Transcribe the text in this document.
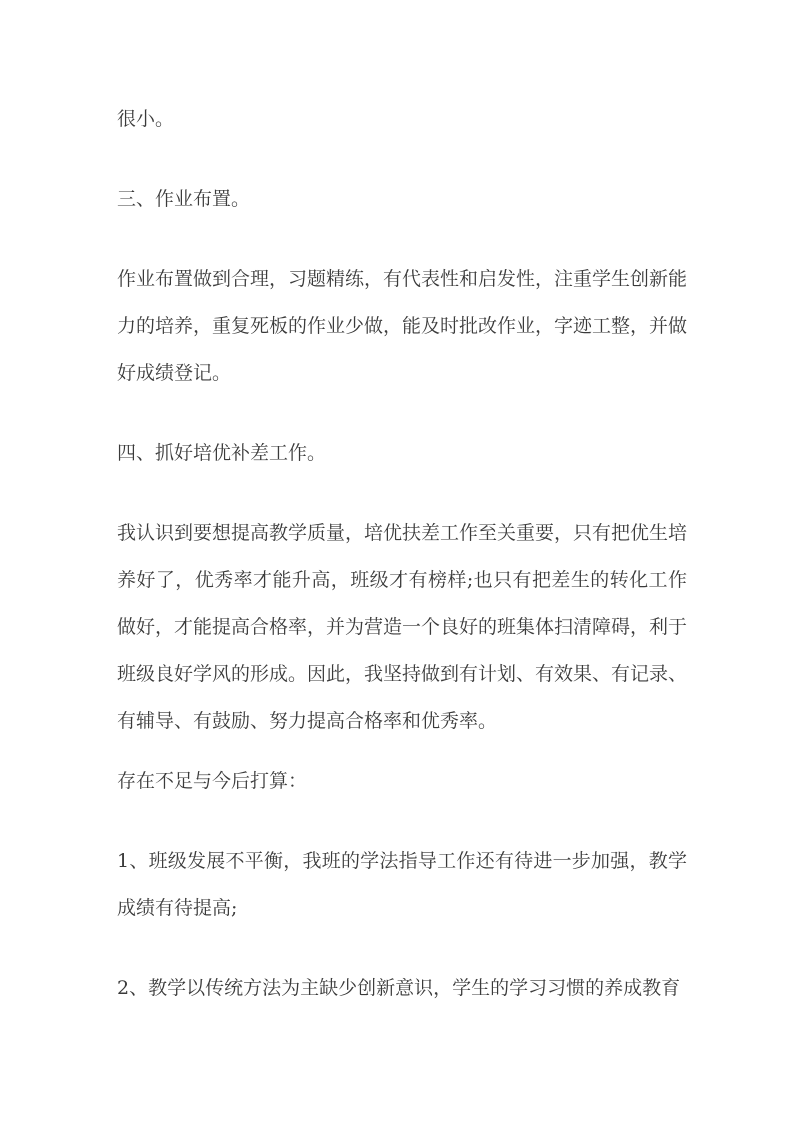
很小。

三、作业布置。

作业布置做到合理，习题精练，有代表性和启发性，注重学生创新能力的培养，重复死板的作业少做，能及时批改作业，字迹工整，并做好成绩登记。

四、抓好培优补差工作。

我认识到要想提高教学质量，培优扶差工作至关重要，只有把优生培养好了，优秀率才能升高，班级才有榜样;也只有把差生的转化工作做好，才能提高合格率，并为营造一个良好的班集体扫清障碍，利于班级良好学风的形成。因此，我坚持做到有计划、有效果、有记录、有辅导、有鼓励、努力提高合格率和优秀率。

存在不足与今后打算：

1、班级发展不平衡，我班的学法指导工作还有待进一步加强，教学成绩有待提高;

2、教学以传统方法为主缺少创新意识，学生的学习习惯的养成教育
